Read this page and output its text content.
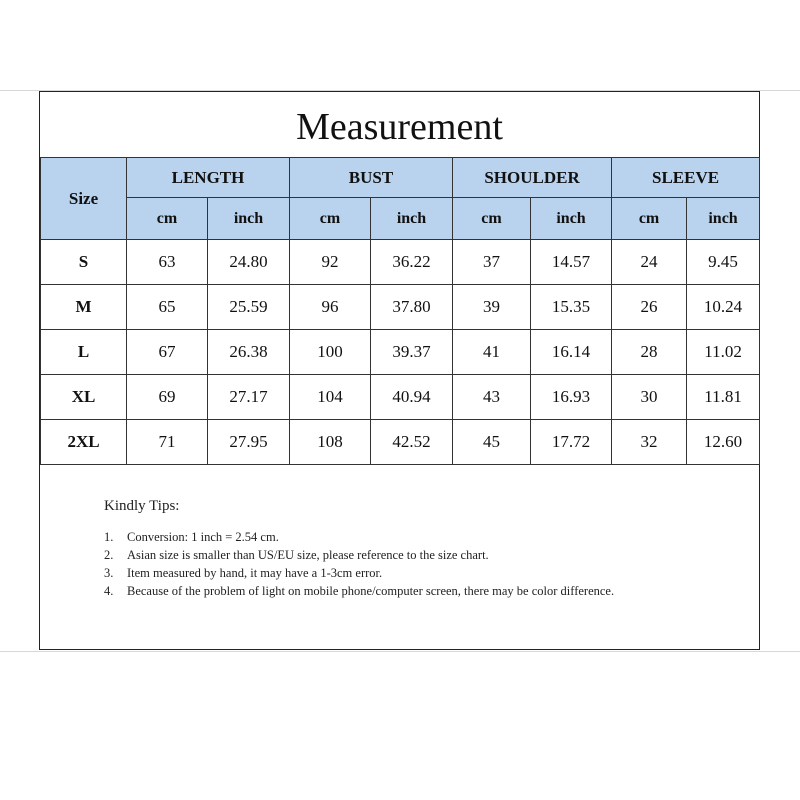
Measurement
Size	LENGTH		BUST		SHOULDER		SLEEVE	
	cm	inch	cm	inch	cm	inch	cm	inch
S	63	24.80	92	36.22	37	14.57	24	9.45
M	65	25.59	96	37.80	39	15.35	26	10.24
L	67	26.38	100	39.37	41	16.14	28	11.02
XL	69	27.17	104	40.94	43	16.93	30	11.81
2XL	71	27.95	108	42.52	45	17.72	32	12.60
Kindly Tips:
1.	Conversion: 1 inch = 2.54 cm.
2.	Asian size is smaller than US/EU size, please reference to the size chart.
3.	Item measured by hand, it may have a 1-3cm error.
4.	Because of the problem of light on mobile phone/computer screen, there may be color difference.
